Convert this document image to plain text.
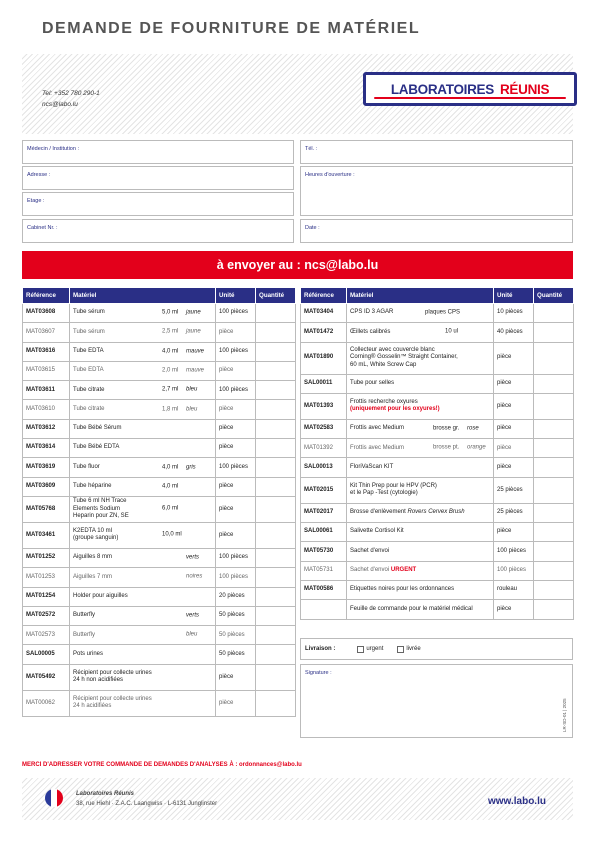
DEMANDE DE FOURNITURE DE MATÉRIEL
Tel: +352 780 290-1
ncs@labo.lu
LABORATOIRES RÉUNIS
Médecin / Institution :	Tél. :
Adresse :	Heures d'ouverture :
Etage :
Cabinet Nr. :	Date :
à envoyer au : ncs@labo.lu
Référence	Matériel	Unité	Quantité
MAT03608	Tube sérum 5,0 ml jaune	100 pièces	
MAT03607	Tube sérum 2,5 ml jaune	pièce	
MAT03616	Tube EDTA 4,0 ml mauve	100 pièces	
MAT03615	Tube EDTA 2,0 ml mauve	pièce	
MAT03611	Tube citrate 2,7 ml bleu	100 pièces	
MAT03610	Tube citrate 1,8 ml bleu	pièce	
MAT03612	Tube Bébé Sérum	pièce	
MAT03614	Tube Bébé EDTA	pièce	
MAT03619	Tube fluor 4,0 ml gris	100 pièces	
MAT03609	Tube héparine 4,0 ml	pièce	
MAT05768	Tube 6 ml NH Trace
Elements Sodium
Heparin pour ZN, SE
6,0 ml	pièce	
MAT03461	K2EDTA 10 ml
(groupe sanguin)
10,0 ml	pièce	
MAT01252	Aiguilles 8 mm verts	100 pièces	
MAT01253	Aiguilles 7 mm noires	100 pièces	
MAT01254	Holder pour aiguilles	20 pièces	
MAT02572	Butterfly verts	50 pièces	
MAT02573	Butterfly bleu	50 pièces	
SAL00005	Pots urines	50 pièces	
MAT05492	Récipient pour collecte urines
24 h non acidifiées	pièce	
MAT00062	Récipient pour collecte urines
24 h acidifiées	pièce	
Référence	Matériel	Unité	Quantité
MAT03404	CPS ID 3 AGAR plaques CPS	10 pièces	
MAT01472	Œillets calibrés 10 ul	40 pièces	
MAT01890	Collecteur avec couvercle blanc
Corning® Gosselin™ Straight Container,
60 mL, White Screw Cap	pièce	
SAL00011	Tube pour selles	pièce	
MAT01393	Frottis recherche oxyures
(uniquement pour les oxyures!)	pièce	
MAT02583	Frottis avec Medium brosse gr. rose	pièce	
MAT01392	Frottis avec Medium brosse pt. orange	pièce	
SAL00013	FloriVaScan KIT	pièce	
MAT02015	Kit Thin Prep pour le HPV (PCR)
et le Pap -Test (cytologie)	25 pièces	
MAT02017	Brosse d'enlèvement Rovers Cervex Brush	25 pièces	
SAL00061	Salivette Cortisol Kit	pièce	
MAT05730	Sachet d'envoi	100 pièces	
MAT05731	Sachet d'envoi URGENT	100 pièces	
MAT00586	Etiquettes noires pour les ordonnances	rouleau	

	Feuille de commande pour le matériel médical	pièce	
Livraison :	urgent	livrée
Signature :
MERCI D'ADRESSER VOTRE COMMANDE DE DEMANDES D'ANALYSES À : ordonnances@labo.lu
LR-SD-01 | 2025
Laboratoires Réunis
38, rue Hiehl · Z.A.C. Laangwiss · L-6131 Junglinster	www.labo.lu
